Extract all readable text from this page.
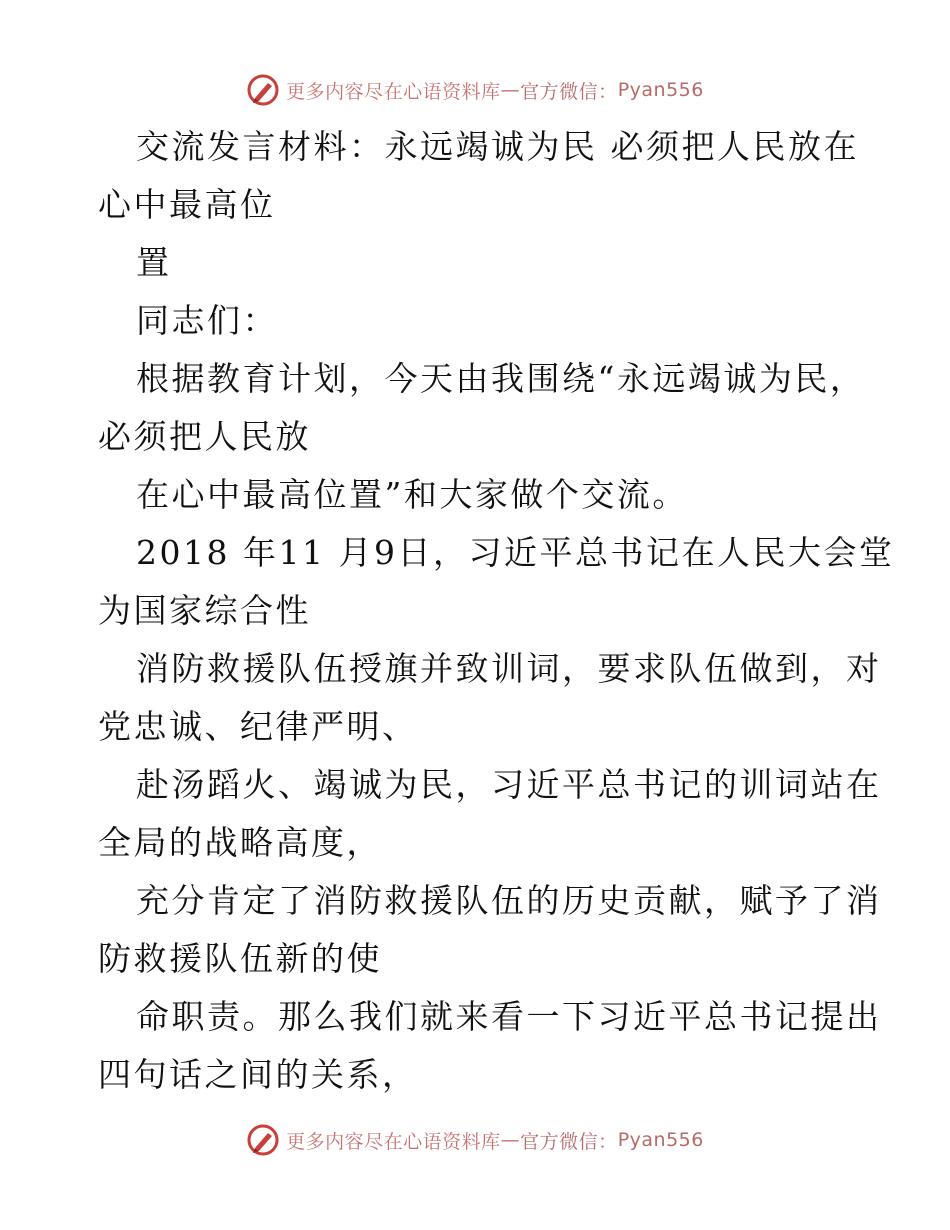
更多内容尽在心语资料库 — 官方微信： Pyan556
交流发言材料：永远竭诚为民 必须把人民放在
心中最高位
置
同志们：
根据教育计划，今天由我围绕“永远竭诚为民，
必须把人民放
在心中最高位置”和大家做个交流。
2018 年11 月9日，习近平总书记在人民大会堂
为国家综合性
消防救援队伍授旗并致训词，要求队伍做到，对
党忠诚、纪律严明、
赴汤蹈火、竭诚为民，习近平总书记的训词站在
全局的战略高度，
充分肯定了消防救援队伍的历史贡献，赋予了消
防救援队伍新的使
命职责。那么我们就来看一下习近平总书记提出
四句话之间的关系，
更多内容尽在心语资料库 — 官方微信： Pyan556
